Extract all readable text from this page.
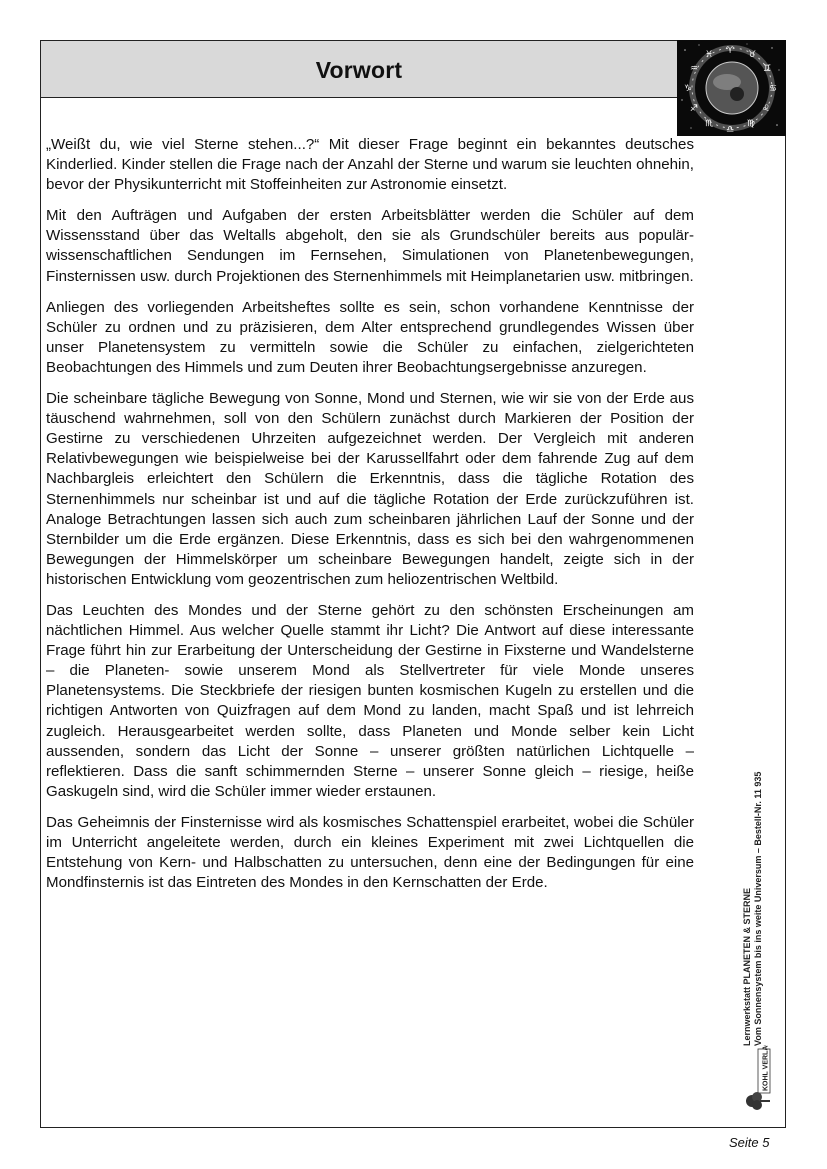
Vorwort
♈ ♉
♊
♋
♌
♍
♎
♏
♐
♑
♒
♓

„Weißt du, wie viel Sterne stehen...?“ Mit dieser Frage beginnt ein bekanntes deutsches Kinderlied. Kinder stellen die Frage nach der Anzahl der Sterne und warum sie leuchten ohnehin, bevor der Physikunterricht mit Stoffeinheiten zur Astronomie einsetzt.

Mit den Aufträgen und Aufgaben der ersten Arbeitsblätter werden die Schüler auf dem Wissensstand über das Weltalls abgeholt, den sie als Grundschüler bereits aus populärwissenschaftlichen Sendungen im Fernsehen, Simulationen von Planetenbewegungen, Finsternissen usw. durch Projektionen des Sternenhimmels mit Heimplanetarien usw. mitbringen.

Anliegen des vorliegenden Arbeitsheftes sollte es sein, schon vorhandene Kenntnisse der Schüler zu ordnen und zu präzisieren, dem Alter entsprechend grundlegendes Wissen über unser Planetensystem zu vermitteln sowie die Schüler zu einfachen, zielgerichteten Beobachtungen des Himmels und zum Deuten ihrer Beobachtungsergebnisse anzuregen.

Die scheinbare tägliche Bewegung von Sonne, Mond und Sternen, wie wir sie von der Erde aus täuschend wahrnehmen, soll von den Schülern zunächst durch Markieren der Position der Gestirne zu verschiedenen Uhrzeiten aufgezeichnet werden. Der Vergleich mit anderen Relativbewegungen wie beispielweise bei der Karussellfahrt oder dem fahrende Zug auf dem Nachbargleis erleichtert den Schülern die Erkenntnis, dass die tägliche Rotation des Sternenhimmels nur scheinbar ist und auf die tägliche Rotation der Erde zurückzuführen ist. Analoge Betrachtungen lassen sich auch zum scheinbaren jährlichen Lauf der Sonne und der Sternbilder um die Erde ergänzen. Diese Erkenntnis, dass es sich bei den wahrgenommenen Bewegungen der Himmelskörper um scheinbare Bewegungen handelt, zeigte sich in der historischen Entwicklung vom geozentrischen zum heliozentrischen Weltbild.

Das Leuchten des Mondes und der Sterne gehört zu den schönsten Erscheinungen am nächtlichen Himmel. Aus welcher Quelle stammt ihr Licht? Die Antwort auf diese interessante Frage führt hin zur Erarbeitung der Unterscheidung der Gestirne in Fixsterne und Wandelsterne – die Planeten- sowie unserem Mond als Stellvertreter für viele Monde unseres Planetensystems. Die Steckbriefe der riesigen bunten kosmischen Kugeln zu erstellen und die richtigen Antworten von Quizfragen auf dem Mond zu landen, macht Spaß und ist lehrreich zugleich. Herausgearbeitet werden sollte, dass Planeten und Monde selber kein Licht aussenden, sondern das Licht der Sonne – unserer größten natürlichen Lichtquelle – reflektieren. Dass die sanft schimmernden Sterne – unserer Sonne gleich – riesige, heiße Gaskugeln sind, wird die Schüler immer wieder erstaunen.

Das Geheimnis der Finsternisse wird als kosmisches Schattenspiel erarbeitet, wobei die Schüler im Unterricht angeleitete werden, durch ein kleines Experiment mit zwei Lichtquellen die Entstehung von Kern- und Halbschatten zu untersuchen, denn eine der Bedingungen für eine Mondfinsternis ist das Eintreten des Mondes in den Kernschatten der Erde.

Lernwerkstatt PLANETEN & STERNE Vom Sonnensystem bis ins weite Universum – Bestell-Nr. 11 935
KOHL VERLAG
Seite 5
